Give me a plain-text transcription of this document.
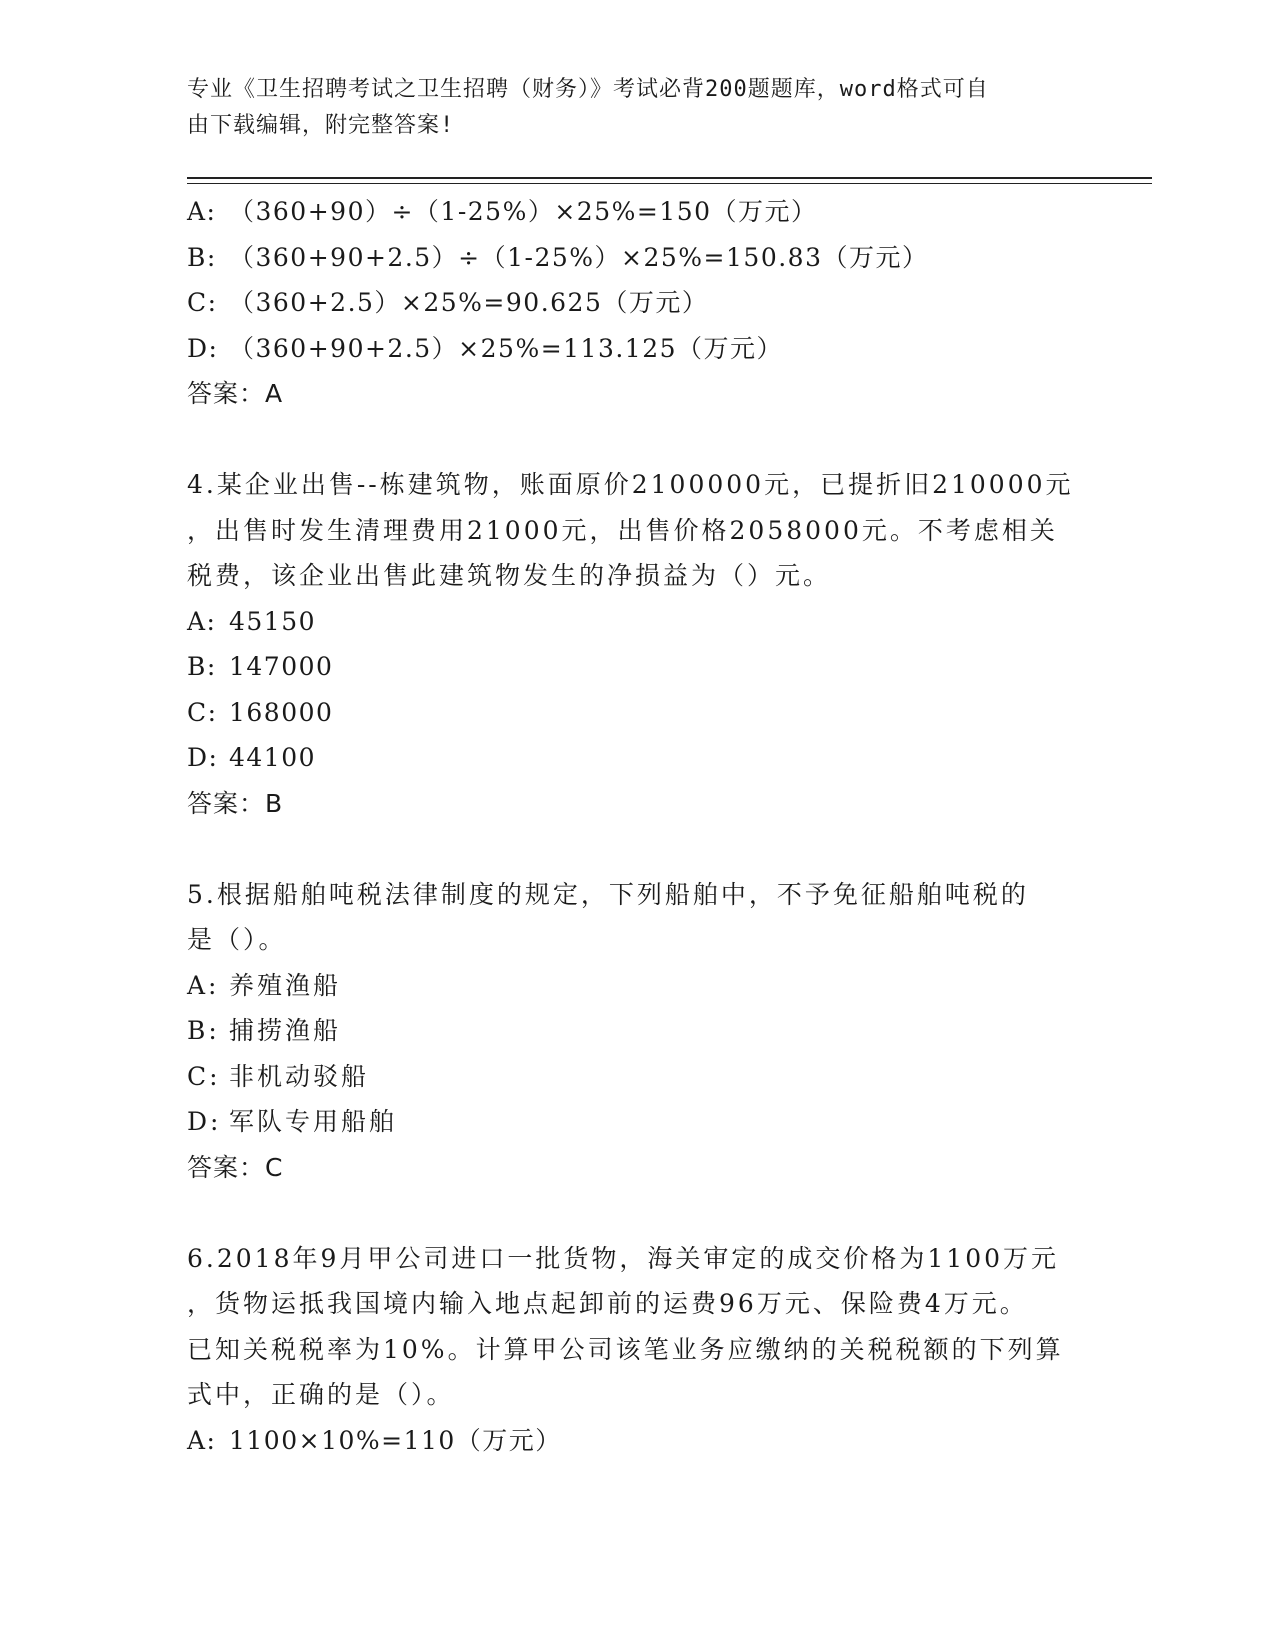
专业《卫生招聘考试之卫生招聘（财务）》考试必背200题题库，word格式可自
由下载编辑，附完整答案!
A: （360+90）÷（1-25%）×25%=150（万元）
B: （360+90+2.5）÷（1-25%）×25%=150.83（万元）
C: （360+2.5）×25%=90.625（万元）
D: （360+90+2.5）×25%=113.125（万元）
答案：A
4.某企业出售--栋建筑物，账面原价2100000元，已提折旧210000元
，出售时发生清理费用21000元，出售价格2058000元。不考虑相关
税费，该企业出售此建筑物发生的净损益为（）元。
A: 45150
B: 147000
C: 168000
D: 44100
答案：B
5.根据船舶吨税法律制度的规定，下列船舶中，不予免征船舶吨税的
是（）。
A: 养殖渔船
B: 捕捞渔船
C: 非机动驳船
D: 军队专用船舶
答案：C
6.2018年9月甲公司进口一批货物，海关审定的成交价格为1100万元
，货物运抵我国境内输入地点起卸前的运费96万元、保险费4万元。
已知关税税率为10%。计算甲公司该笔业务应缴纳的关税税额的下列算
式中，正确的是（）。
A: 1100×10%=110（万元）
